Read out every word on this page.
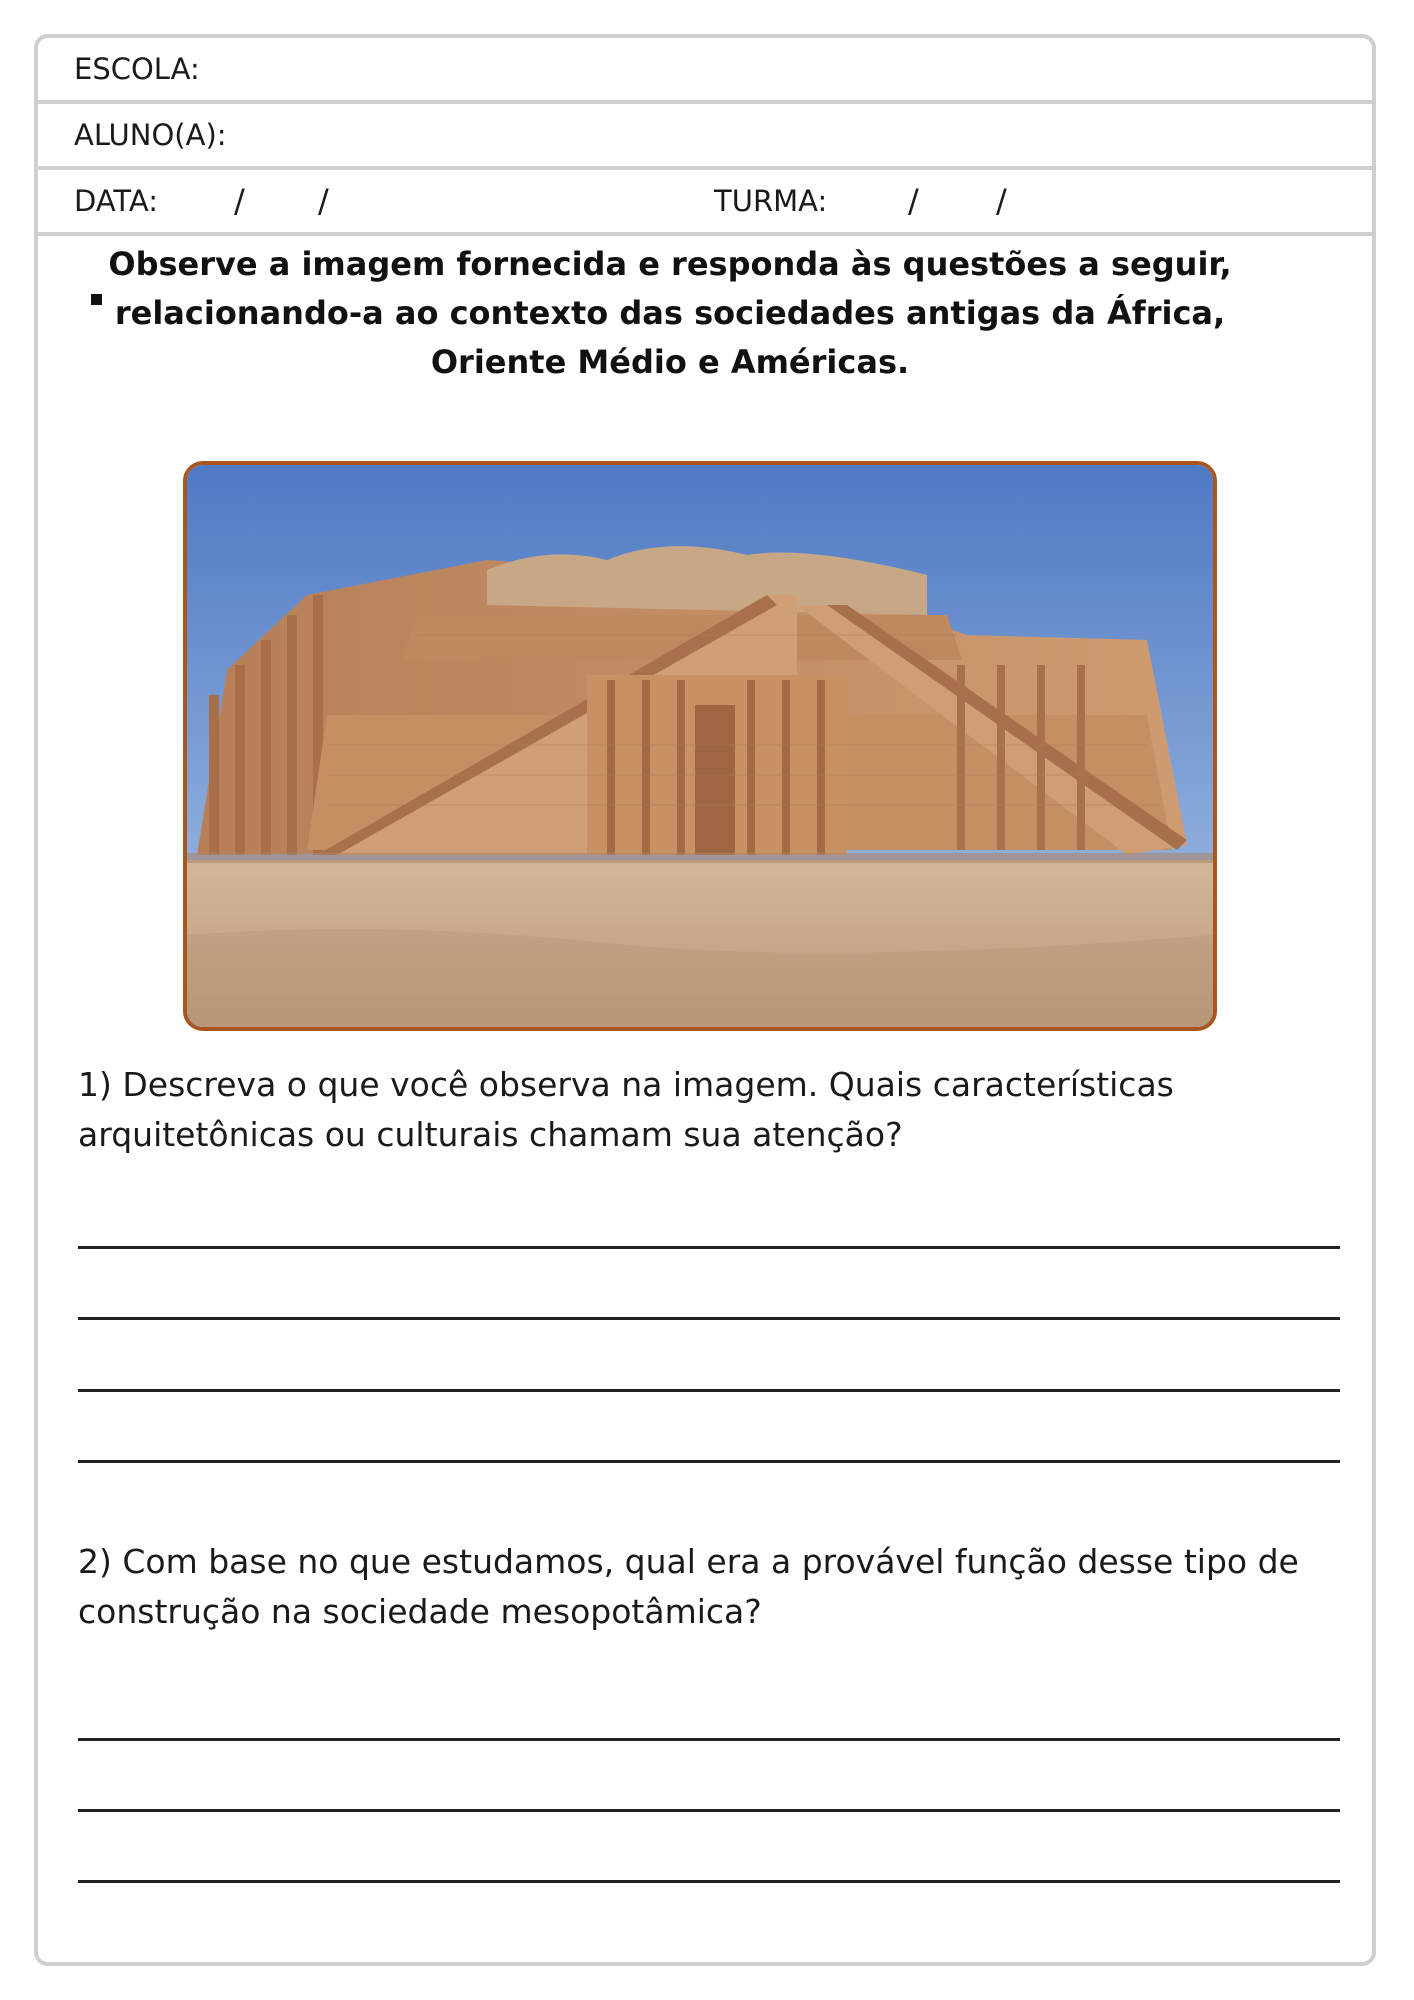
ESCOLA:
ALUNO(A):
DATA: / /	TURMA:	/ /
Observe a imagem fornecida e responda às questões a seguir, relacionando-a ao contexto das sociedades antigas da África, Oriente Médio e Américas.
1) Descreva o que você observa na imagem. Quais características arquitetônicas ou culturais chamam sua atenção?
2) Com base no que estudamos, qual era a provável função desse tipo de construção na sociedade mesopotâmica?
